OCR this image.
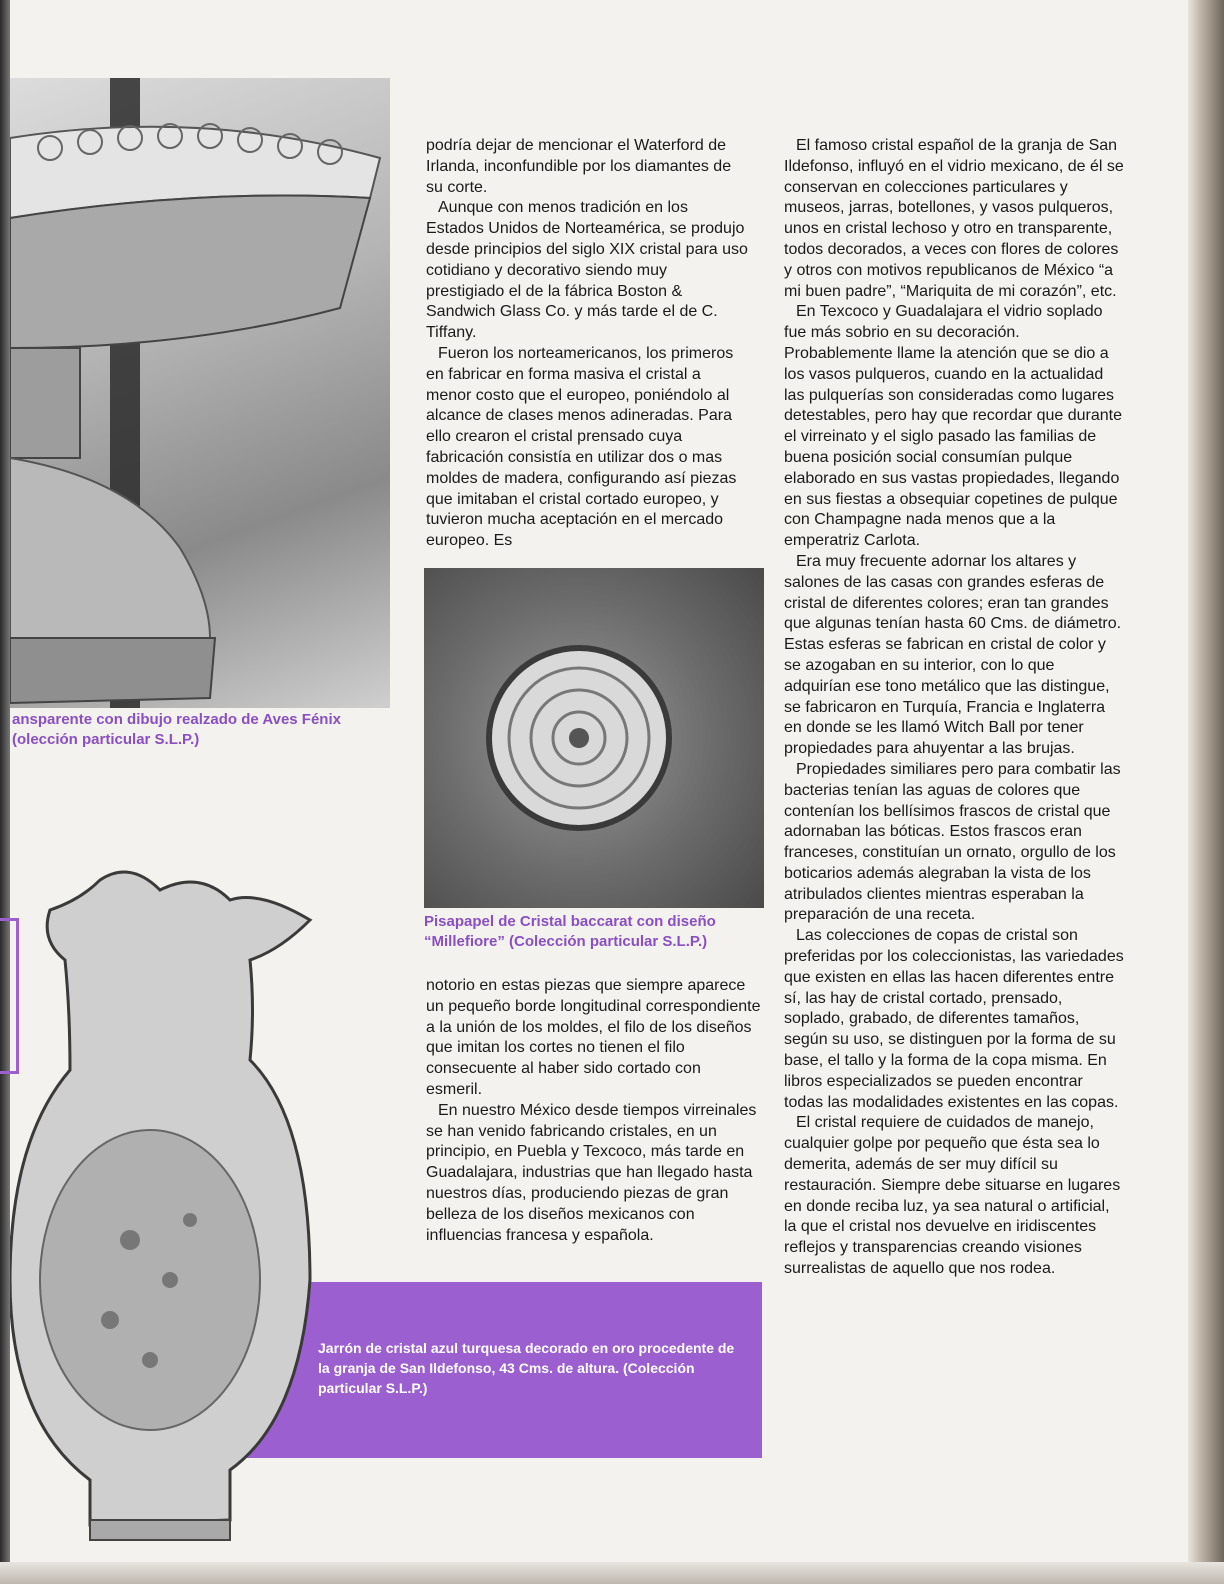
ansparente con dibujo realzado de Aves Fénix (olección particular S.L.P.)

podría dejar de mencionar el Waterford de Irlanda, inconfundible por los diamantes de su corte.

Aunque con menos tradición en los Estados Unidos de Norteamérica, se produjo desde principios del siglo XIX cristal para uso cotidiano y decorativo siendo muy prestigiado el de la fábrica Boston & Sandwich Glass Co. y más tarde el de C. Tiffany.

Fueron los norteamericanos, los primeros en fabricar en forma masiva el cristal a menor costo que el europeo, poniéndolo al alcance de clases menos adineradas. Para ello crearon el cristal prensado cuya fabricación consistía en utilizar dos o mas moldes de madera, configurando así piezas que imitaban el cristal cortado europeo, y tuvieron mucha aceptación en el mercado europeo. Es

Pisapapel de Cristal baccarat con diseño “Millefiore” (Colección particular S.L.P.)

notorio en estas piezas que siempre aparece un pequeño borde longitudinal correspondiente a la unión de los moldes, el filo de los diseños que imitan los cortes no tienen el filo consecuente al haber sido cortado con esmeril.

En nuestro México desde tiempos virreinales se han venido fabricando cristales, en un principio, en Puebla y Texcoco, más tarde en Guadalajara, industrias que han llegado hasta nuestros días, produciendo piezas de gran belleza de los diseños mexicanos con influencias francesa y española.

El famoso cristal español de la granja de San Ildefonso, influyó en el vidrio mexicano, de él se conservan en colecciones particulares y museos, jarras, botellones, y vasos pulqueros, unos en cristal lechoso y otro en transparente, todos decorados, a veces con flores de colores y otros con motivos republicanos de México “a mi buen padre”, “Mariquita de mi corazón”, etc.

En Texcoco y Guadalajara el vidrio soplado fue más sobrio en su decoración. Probablemente llame la atención que se dio a los vasos pulqueros, cuando en la actualidad las pulquerías son consideradas como lugares detestables, pero hay que recordar que durante el virreinato y el siglo pasado las familias de buena posición social consumían pulque elaborado en sus vastas propiedades, llegando en sus fiestas a obsequiar copetines de pulque con Champagne nada menos que a la emperatriz Carlota.

Era muy frecuente adornar los altares y salones de las casas con grandes esferas de cristal de diferentes colores; eran tan grandes que algunas tenían hasta 60 Cms. de diámetro. Estas esferas se fabrican en cristal de color y se azogaban en su interior, con lo que adquirían ese tono metálico que las distingue, se fabricaron en Turquía, Francia e Inglaterra en donde se les llamó Witch Ball por tener propiedades para ahuyentar a las brujas.

Propiedades similiares pero para combatir las bacterias tenían las aguas de colores que contenían los bellísimos frascos de cristal que adornaban las bóticas. Estos frascos eran franceses, constituían un ornato, orgullo de los boticarios además alegraban la vista de los atribulados clientes mientras esperaban la preparación de una receta.

Las colecciones de copas de cristal son preferidas por los coleccionistas, las variedades que existen en ellas las hacen diferentes entre sí, las hay de cristal cortado, prensado, soplado, grabado, de diferentes tamaños, según su uso, se distinguen por la forma de su base, el tallo y la forma de la copa misma. En libros especializados se pueden encontrar todas las modalidades existentes en las copas.

El cristal requiere de cuidados de manejo, cualquier golpe por pequeño que ésta sea lo demerita, además de ser muy difícil su restauración. Siempre debe situarse en lugares en donde reciba luz, ya sea natural o artificial, la que el cristal nos devuelve en iridiscentes reflejos y transparencias creando visiones surrealistas de aquello que nos rodea.

Jarrón de cristal azul turquesa decorado en oro procedente de la granja de San Ildefonso, 43 Cms. de altura. (Colección particular S.L.P.)
